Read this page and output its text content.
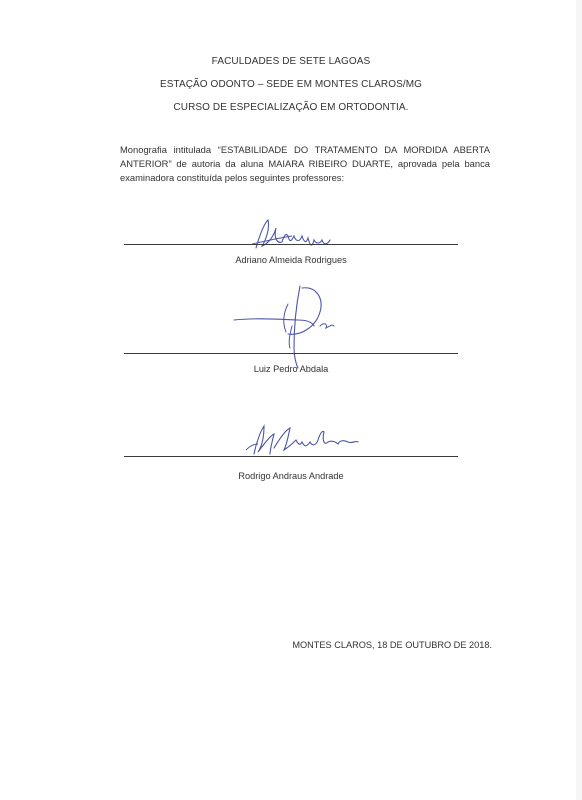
FACULDADES DE SETE LAGOAS
ESTAÇÃO ODONTO – SEDE EM MONTES CLAROS/MG
CURSO DE ESPECIALIZAÇÃO EM ORTODONTIA.
Monografia intitulada “ESTABILIDADE DO TRATAMENTO DA MORDIDA ABERTA ANTERIOR” de autoria da aluna MAIARA RIBEIRO DUARTE, aprovada pela banca examinadora constituída pelos seguintes professores:
Adriano Almeida Rodrigues
Luiz Pedro Abdala
Rodrigo Andraus Andrade
MONTES CLAROS, 18 DE OUTUBRO DE 2018.
